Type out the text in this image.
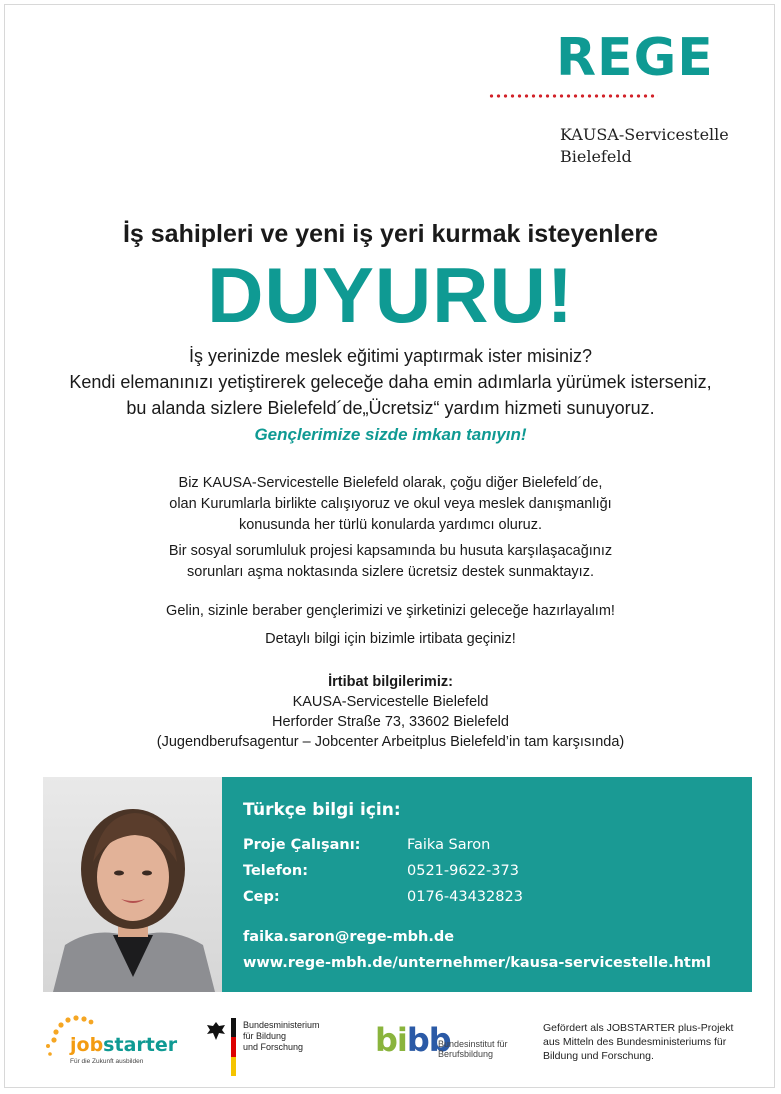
REGE
KAUSA-Servicestelle
Bielefeld
İş sahipleri ve yeni iş yeri kurmak isteyenlere
DUYURU!
İş yerinizde meslek eğitimi yaptırmak ister misiniz?
Kendi elemanınızı yetiştirerek geleceğe daha emin adımlarla yürümek isterseniz,
bu alanda sizlere Bielefeld´de„Ücretsiz“ yardım hizmeti sunuyoruz.
Gençlerimize sizde imkan tanıyın!
Biz KAUSA-Servicestelle Bielefeld olarak, çoğu diğer Bielefeld´de,
olan Kurumlarla birlikte calışıyoruz ve okul veya meslek danışmanlığı
konusunda her türlü konularda yardımcı oluruz.
Bir sosyal sorumluluk projesi kapsamında bu husuta karşılaşacağınız
sorunları aşma noktasında sizlere ücretsiz destek sunmaktayız.
Gelin, sizinle beraber gençlerimizi ve şirketinizi geleceğe hazırlayalım!
Detaylı bilgi için bizimle irtibata geçiniz!
İrtibat bilgilerimiz:
KAUSA-Servicestelle Bielefeld
Herforder Straße 73, 33602 Bielefeld
(Jugendberufsagentur – Jobcenter Arbeitplus Bielefeld’in tam karşısında)
Türkçe bilgi için:
Proje Çalışanı:	Faika Saron
Telefon:	0521-9622-373
Cep:	0176-43432823
faika.saron@rege-mbh.de
www.rege-mbh.de/unternehmer/kausa-servicestelle.html
jobstarter
Für die Zukunft ausbilden
Bundesministerium
für Bildung
und Forschung	bibb
Bundesinstitut für
Berufsbildung
Gefördert als JOBSTARTER plus-Projekt
aus Mitteln des Bundesministeriums für
Bildung und Forschung.
